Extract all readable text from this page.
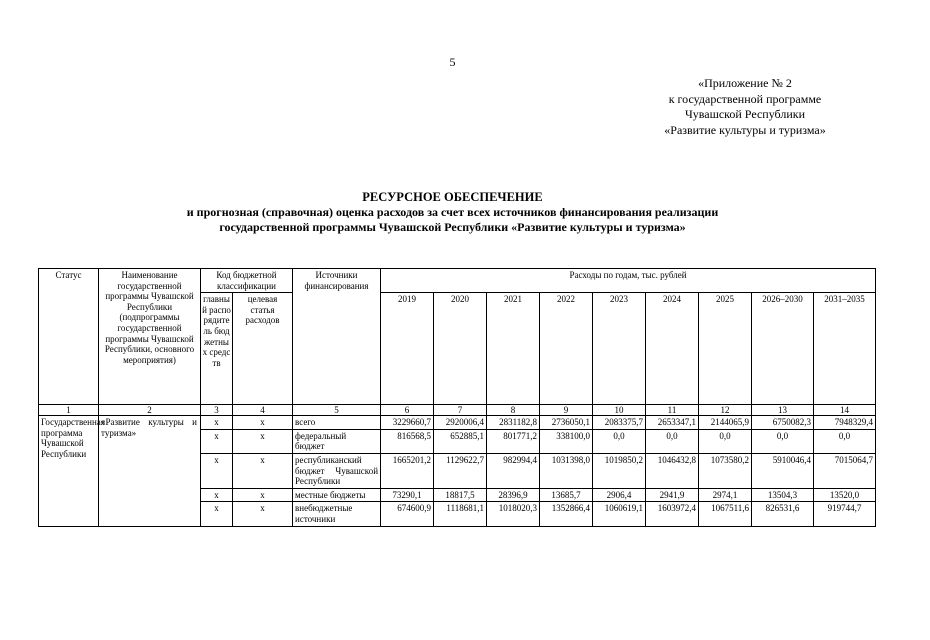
5
«Приложение № 2
к государственной программе
Чувашской Республики
«Развитие культуры и туризма»
РЕСУРСНОЕ ОБЕСПЕЧЕНИЕ
и прогнозная (справочная) оценка расходов за счет всех источников финансирования реализации
государственной программы Чувашской Республики «Развитие культуры и туризма»
Статус	Наименование государственной программы Чувашской Республики (подпрограммы государственной программы Чувашской Республики, основного мероприятия)	Код бюджетной классификации		Источники финансирования	Расходы по годам, тыс. рублей								
		главный распорядитель бюджетных средств	целевая статья расходов		2019	2020	2021	2022	2023	2024	2025	2026–2030	2031–2035
1	2	3	4	5	6	7	8	9	10	11	12	13	14
Государственная программа Чувашской Республики	«Развитие культуры и туризма»	x	x	всего	3229660,7	2920006,4	2831182,8	2736050,1	2083375,7	2653347,1	2144065,9	6750082,3	7948329,4
		x	x	федеральный бюджет	816568,5	652885,1	801771,2	338100,0	0,0	0,0	0,0	0,0	0,0
		x	x	республиканский бюджет Чувашской Республики	1665201,2	1129622,7	982994,4	1031398,0	1019850,2	1046432,8	1073580,2	5910046,4	7015064,7
		x	x	местные бюджеты	73290,1	18817,5	28396,9	13685,7	2906,4	2941,9	2974,1	13504,3	13520,0
		x	x	внебюджетные источники	674600,9	1118681,1	1018020,3	1352866,4	1060619,1	1603972,4	1067511,6	826531,6	919744,7
